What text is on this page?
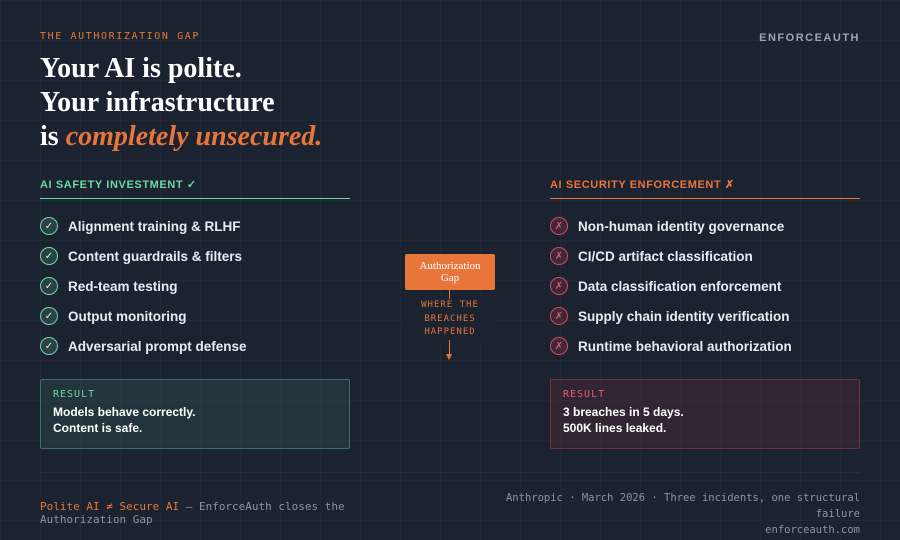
THE AUTHORIZATION GAP	ENFORCEAUTH
Your AI is polite.
Your infrastructure
is completely unsecured.
AI SAFETY INVESTMENT ✓
✓	Alignment training & RLHF
✓	Content guardrails & filters
✓	Red-team testing
✓	Output monitoring
✓	Adversarial prompt defense
RESULT
Models behave correctly.
Content is safe.
Authorization
Gap
WHERE THE
BREACHES
HAPPENED
AI SECURITY ENFORCEMENT ✗
✗	Non-human identity governance
✗	CI/CD artifact classification
✗	Data classification enforcement
✗	Supply chain identity verification
✗	Runtime behavioral authorization
RESULT
3 breaches in 5 days.
500K lines leaked.
Polite AI ≠ Secure AI — EnforceAuth closes the Authorization Gap
Anthropic · March 2026 · Three incidents, one structural
failure
enforceauth.com
